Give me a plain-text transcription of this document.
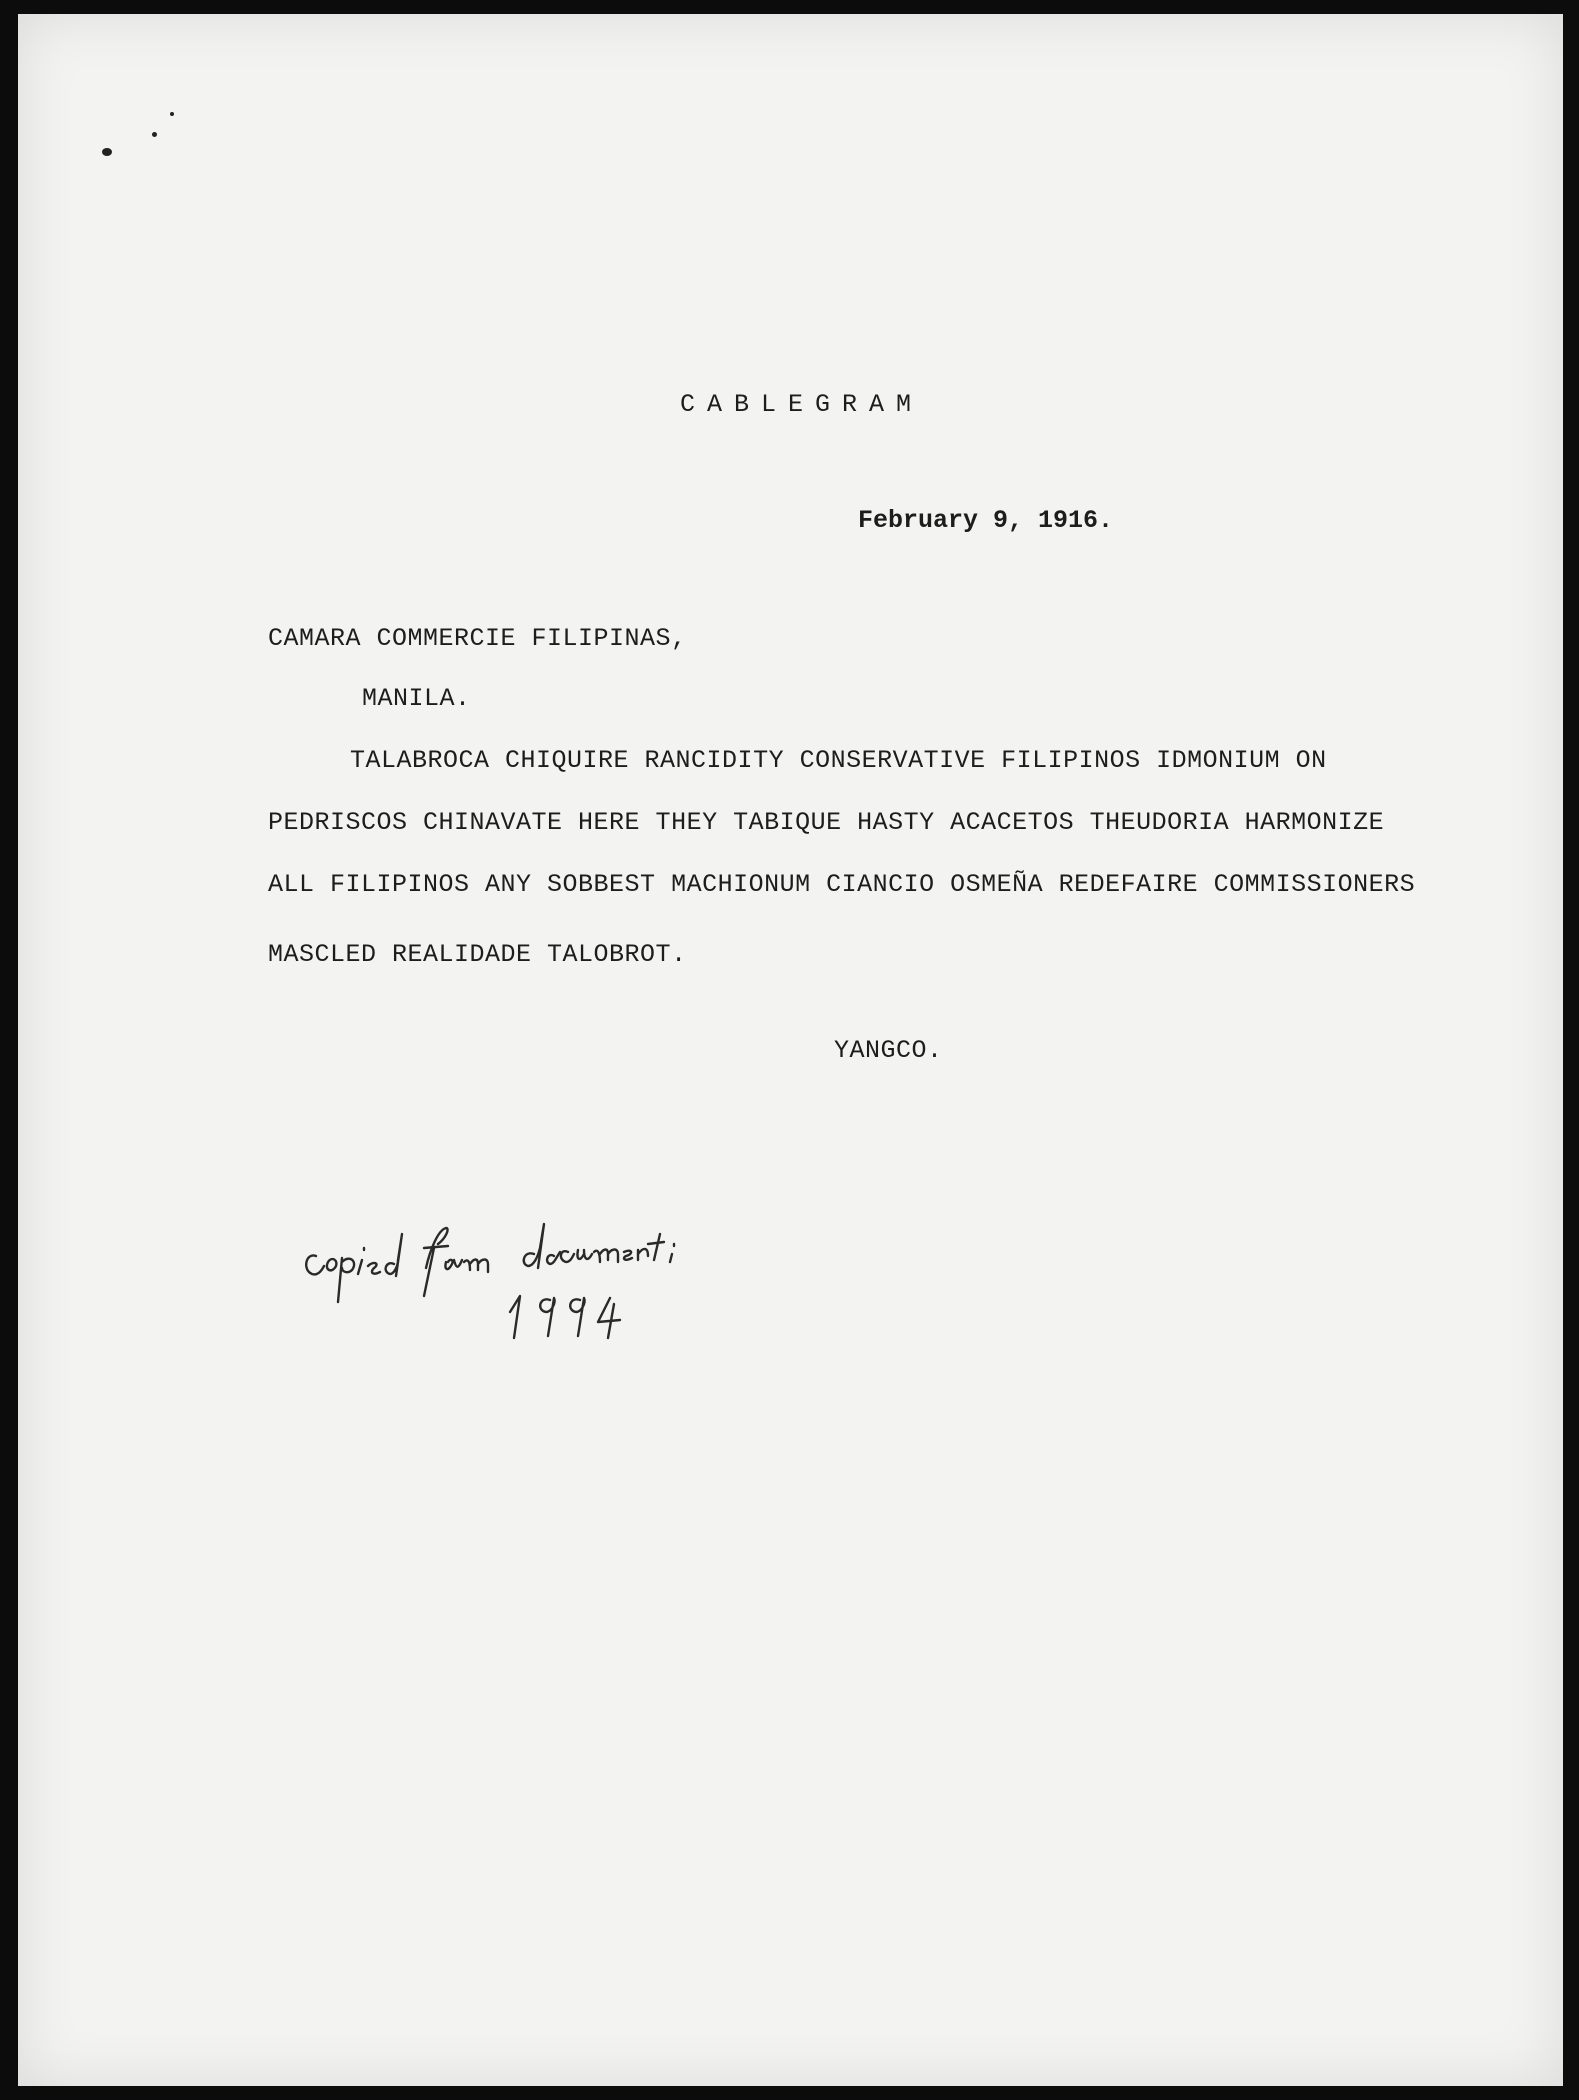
CABLEGRAM

February 9, 1916.

CAMARA COMMERCIE FILIPINAS,

MANILA.

TALABROCA CHIQUIRE RANCIDITY CONSERVATIVE FILIPINOS IDMONIUM ON

PEDRISCOS CHINAVATE HERE THEY TABIQUE HASTY ACACETOS THEUDORIA HARMONIZE

ALL FILIPINOS ANY SOBBEST MACHIONUM CIANCIO OSMEÑA REDEFAIRE COMMISSIONERS

MASCLED REALIDADE TALOBROT.

YANGCO.
